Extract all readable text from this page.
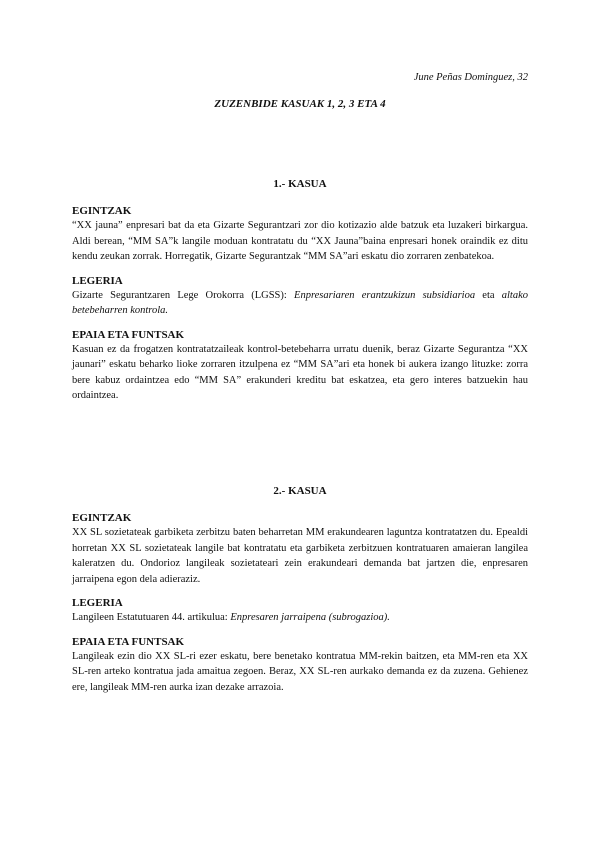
June Peñas Dominguez, 32
ZUZENBIDE KASUAK 1, 2, 3 ETA 4
1.- KASUA
EGINTZAK

“XX jauna” enpresari bat da eta Gizarte Segurantzari zor dio kotizazio alde batzuk eta luzakeri birkarguа. Aldi berean, “MM SA”k langile moduan kontratatu du “XX Jauna”baina enpresari honek oraindik ez ditu kendu zeukan zorrak. Horregatik, Gizarte Segurantzak “MM SA”ari eskatu dio zorraren zenbatekoa.

LEGERIA

Gizarte Segurantzaren Lege Orokorra (LGSS): Enpresariaren erantzukizun subsidiarioa eta altako betebeharren kontrola.

EPAIA ETA FUNTSAK

Kasuan ez da frogatzen kontratatzaileak kontrol-betebeharra urratu duenik, beraz Gizarte Segurantza “XX jaunari” eskatu beharko lioke zorraren itzulpena ez “MM SA”ari eta honek bi aukera izango lituzke: zorra bere kabuz ordaintzea edo “MM SA” erakunderi kreditu bat eskatzea, eta gero interes batzuekin hau ordaintzea.

2.- KASUA
EGINTZAK

XX SL sozietateak garbiketa zerbitzu baten beharretan MM erakundearen laguntza kontratatzen du. Epealdi horretan XX SL sozietateak langile bat kontratatu eta garbiketa zerbitzuen kontratuaren amaieran langilea kaleratzen du. Ondorioz langileak sozietateari zein erakundeari demanda bat jartzen die, enpresaren jarraipena egon dela adieraziz.

LEGERIA

Langileen Estatutuaren 44. artikulua: Enpresaren jarraipena (subrogazioa).

EPAIA ETA FUNTSAK

Langileak ezin dio XX SL-ri ezer eskatu, bere benetako kontratua MM-rekin baitzen, eta MM-ren eta XX SL-ren arteko kontratua jada amaitua zegoen. Beraz, XX SL-ren aurkako demanda ez da zuzena. Gehienez ere, langileak MM-ren aurka izan dezake arrazoia.
